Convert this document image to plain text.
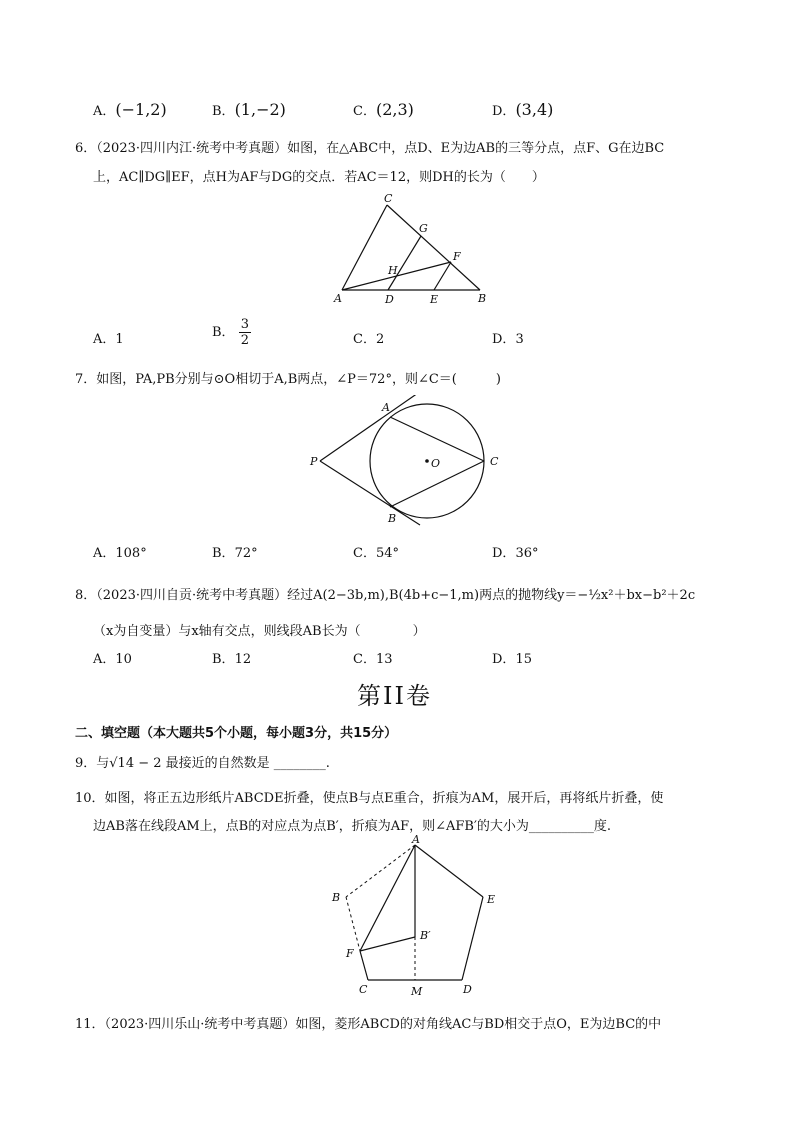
A．(−1,2)	B．(1,−2)	C．(2,3)	D．(3,4)
6．（2023·四川内江·统考中考真题）如图，在△ABC中，点D、E为边AB的三等分点，点F、G在边BC
上，AC∥DG∥EF，点H为AF与DG的交点．若AC＝12，则DH的长为（　　）
C
G
F
H
A	D	E	B
A．1	B． $\frac{3}{2}$	C．2	D．3
7．如图，PA,PB分别与⊙O相切于A,B两点，∠P＝72°，则∠C＝(　　　)
A
P	O	C
B
A．108°	B．72°	C．54°	D．36°
8．（2023·四川自贡·统考中考真题）经过A(2−3b,m),B(4b+c−1,m)两点的抛物线y＝−½x²＋bx−b²＋2c
（x为自变量）与x轴有交点，则线段AB长为（　　　　）
A．10	B．12	C．13	D．15
第II卷
二、填空题（本大题共5个小题，每小题3分，共15分）
9．与√14 − 2 最接近的自然数是 ________.
10．如图，将正五边形纸片ABCDE折叠，使点B与点E重合，折痕为AM，展开后，再将纸片折叠，使
边AB落在线段AM上，点B的对应点为点B′，折痕为AF，则∠AFB′的大小为__________度.
A
B	E
B′
F
C	M	D
11．（2023·四川乐山·统考中考真题）如图，菱形ABCD的对角线AC与BD相交于点O，E为边BC的中
